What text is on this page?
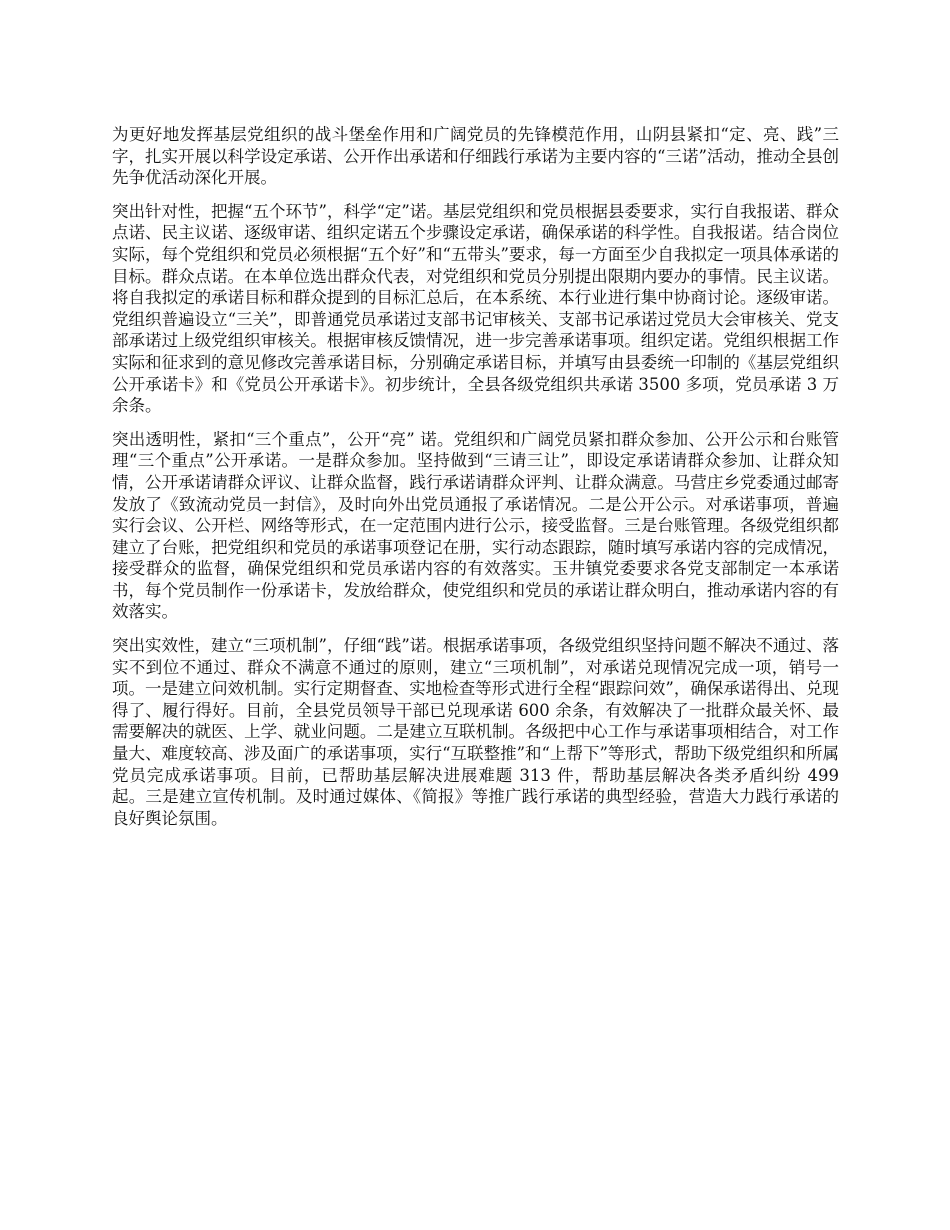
为更好地发挥基层党组织的战斗堡垒作用和广阔党员的先锋模范作用，山阴县紧扣“定、亮、践”三字，扎实开展以科学设定承诺、公开作出承诺和仔细践行承诺为主要内容的“三诺”活动，推动全县创先争优活动深化开展。

突出针对性，把握“五个环节”，科学“定”诺。基层党组织和党员根据县委要求，实行自我报诺、群众点诺、民主议诺、逐级审诺、组织定诺五个步骤设定承诺，确保承诺的科学性。自我报诺。结合岗位实际，每个党组织和党员必须根据“五个好”和“五带头”要求，每一方面至少自我拟定一项具体承诺的目标。群众点诺。在本单位选出群众代表，对党组织和党员分别提出限期内要办的事情。民主议诺。将自我拟定的承诺目标和群众提到的目标汇总后，在本系统、本行业进行集中协商讨论。逐级审诺。党组织普遍设立“三关”，即普通党员承诺过支部书记审核关、支部书记承诺过党员大会审核关、党支部承诺过上级党组织审核关。根据审核反馈情况，进一步完善承诺事项。组织定诺。党组织根据工作实际和征求到的意见修改完善承诺目标，分别确定承诺目标，并填写由县委统一印制的《基层党组织公开承诺卡》和《党员公开承诺卡》。初步统计，全县各级党组织共承诺 3500 多项，党员承诺 3 万余条。

突出透明性，紧扣“三个重点”，公开“亮” 诺。党组织和广阔党员紧扣群众参加、公开公示和台账管理“三个重点”公开承诺。一是群众参加。坚持做到“三请三让”，即设定承诺请群众参加、让群众知情，公开承诺请群众评议、让群众监督，践行承诺请群众评判、让群众满意。马营庄乡党委通过邮寄发放了《致流动党员一封信》，及时向外出党员通报了承诺情况。二是公开公示。对承诺事项，普遍实行会议、公开栏、网络等形式，在一定范围内进行公示，接受监督。三是台账管理。各级党组织都建立了台账，把党组织和党员的承诺事项登记在册，实行动态跟踪，随时填写承诺内容的完成情况，接受群众的监督，确保党组织和党员承诺内容的有效落实。玉井镇党委要求各党支部制定一本承诺书，每个党员制作一份承诺卡，发放给群众，使党组织和党员的承诺让群众明白，推动承诺内容的有效落实。

突出实效性，建立“三项机制”，仔细“践”诺。根据承诺事项，各级党组织坚持问题不解决不通过、落实不到位不通过、群众不满意不通过的原则，建立“三项机制”，对承诺兑现情况完成一项，销号一项。一是建立问效机制。实行定期督查、实地检查等形式进行全程“跟踪问效”，确保承诺得出、兑现得了、履行得好。目前，全县党员领导干部已兑现承诺 600 余条，有效解决了一批群众最关怀、最需要解决的就医、上学、就业问题。二是建立互联机制。各级把中心工作与承诺事项相结合，对工作量大、难度较高、涉及面广的承诺事项，实行“互联整推”和“上帮下”等形式，帮助下级党组织和所属党员完成承诺事项。目前，已帮助基层解决进展难题 313 件，帮助基层解决各类矛盾纠纷 499 起。三是建立宣传机制。及时通过媒体、《简报》等推广践行承诺的典型经验，营造大力践行承诺的良好舆论氛围。
